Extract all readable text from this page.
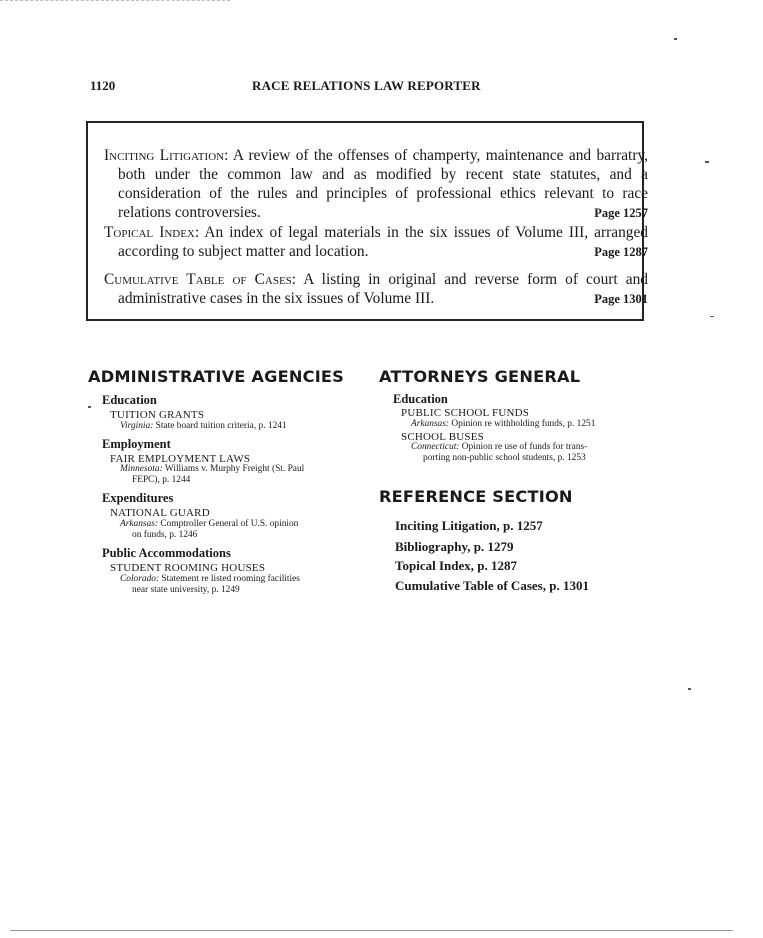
1120	RACE RELATIONS LAW REPORTER
Inciting Litigation: A review of the offenses of champerty, maintenance and barratry, both under the common law and as modified by recent state statutes, and a consideration of the rules and principles of professional ethics relevant to race relations controversies.	Page 1257
Topical Index: An index of legal materials in the six issues of Volume III, arranged according to subject matter and location.	Page 1287
Cumulative Table of Cases: A listing in original and reverse form of court and administrative cases in the six issues of Volume III.	Page 1301
ADMINISTRATIVE AGENCIES
Education
TUITION GRANTS
Virginia: State board tuition criteria, p. 1241
Employment
FAIR EMPLOYMENT LAWS
Minnesota: Williams v. Murphy Freight (St. Paul
FEPC), p. 1244
Expenditures
NATIONAL GUARD
Arkansas: Comptroller General of U.S. opinion
on funds, p. 1246
Public Accommodations
STUDENT ROOMING HOUSES
Colorado: Statement re listed rooming facilities
near state university, p. 1249
ATTORNEYS GENERAL
Education
PUBLIC SCHOOL FUNDS
Arkansas: Opinion re withholding funds, p. 1251
SCHOOL BUSES
Connecticut: Opinion re use of funds for trans-
porting non-public school students, p. 1253
REFERENCE SECTION
Inciting Litigation, p. 1257
Bibliography, p. 1279
Topical Index, p. 1287
Cumulative Table of Cases, p. 1301
